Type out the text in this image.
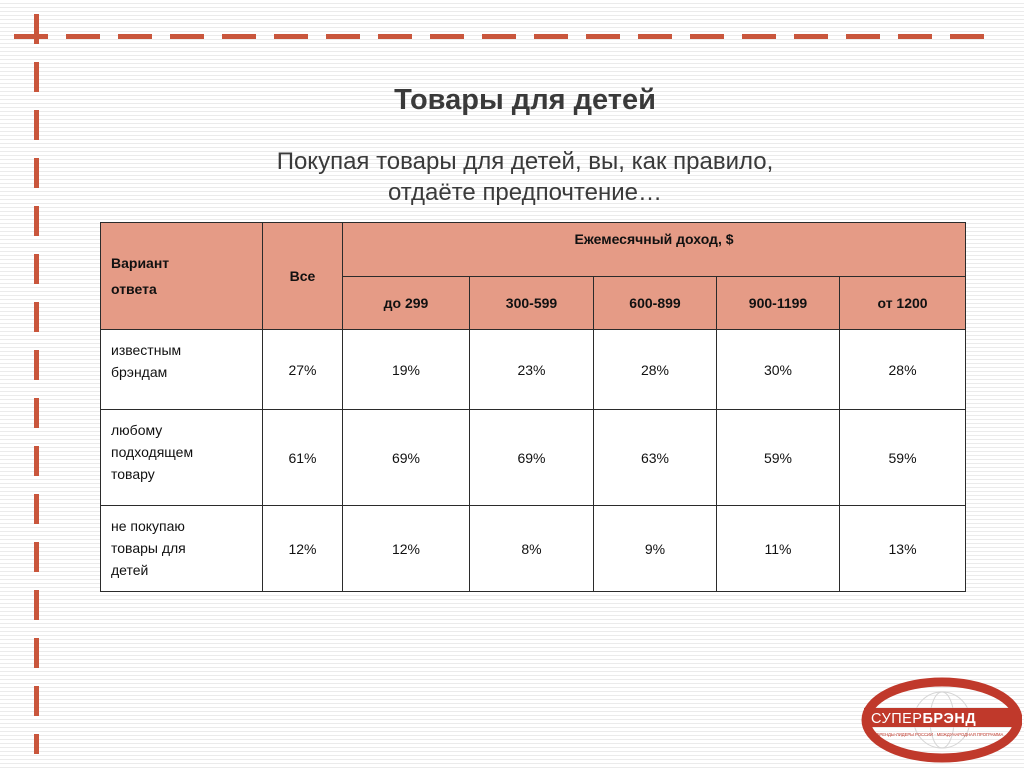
Товары для детей
Покупая товары для детей, вы, как правило,
отдаёте предпочтение…
Вариант
ответа	Все	Ежемесячный доход, $				
		до 299	300-599	600-899	900-1199	от 1200
известным
брэндам	27%	19%	23%	28%	30%	28%
любому
подходящем
товару	61%	69%	69%	63%	59%	59%
не покупаю
товары для
детей	12%	12%	8%	9%	11%	13%
СУПЕРБРЭНД
БРЕНДЫ-ЛИДЕРЫ РОССИИ · МЕЖДУНАРОДНАЯ ПРОГРАММА
